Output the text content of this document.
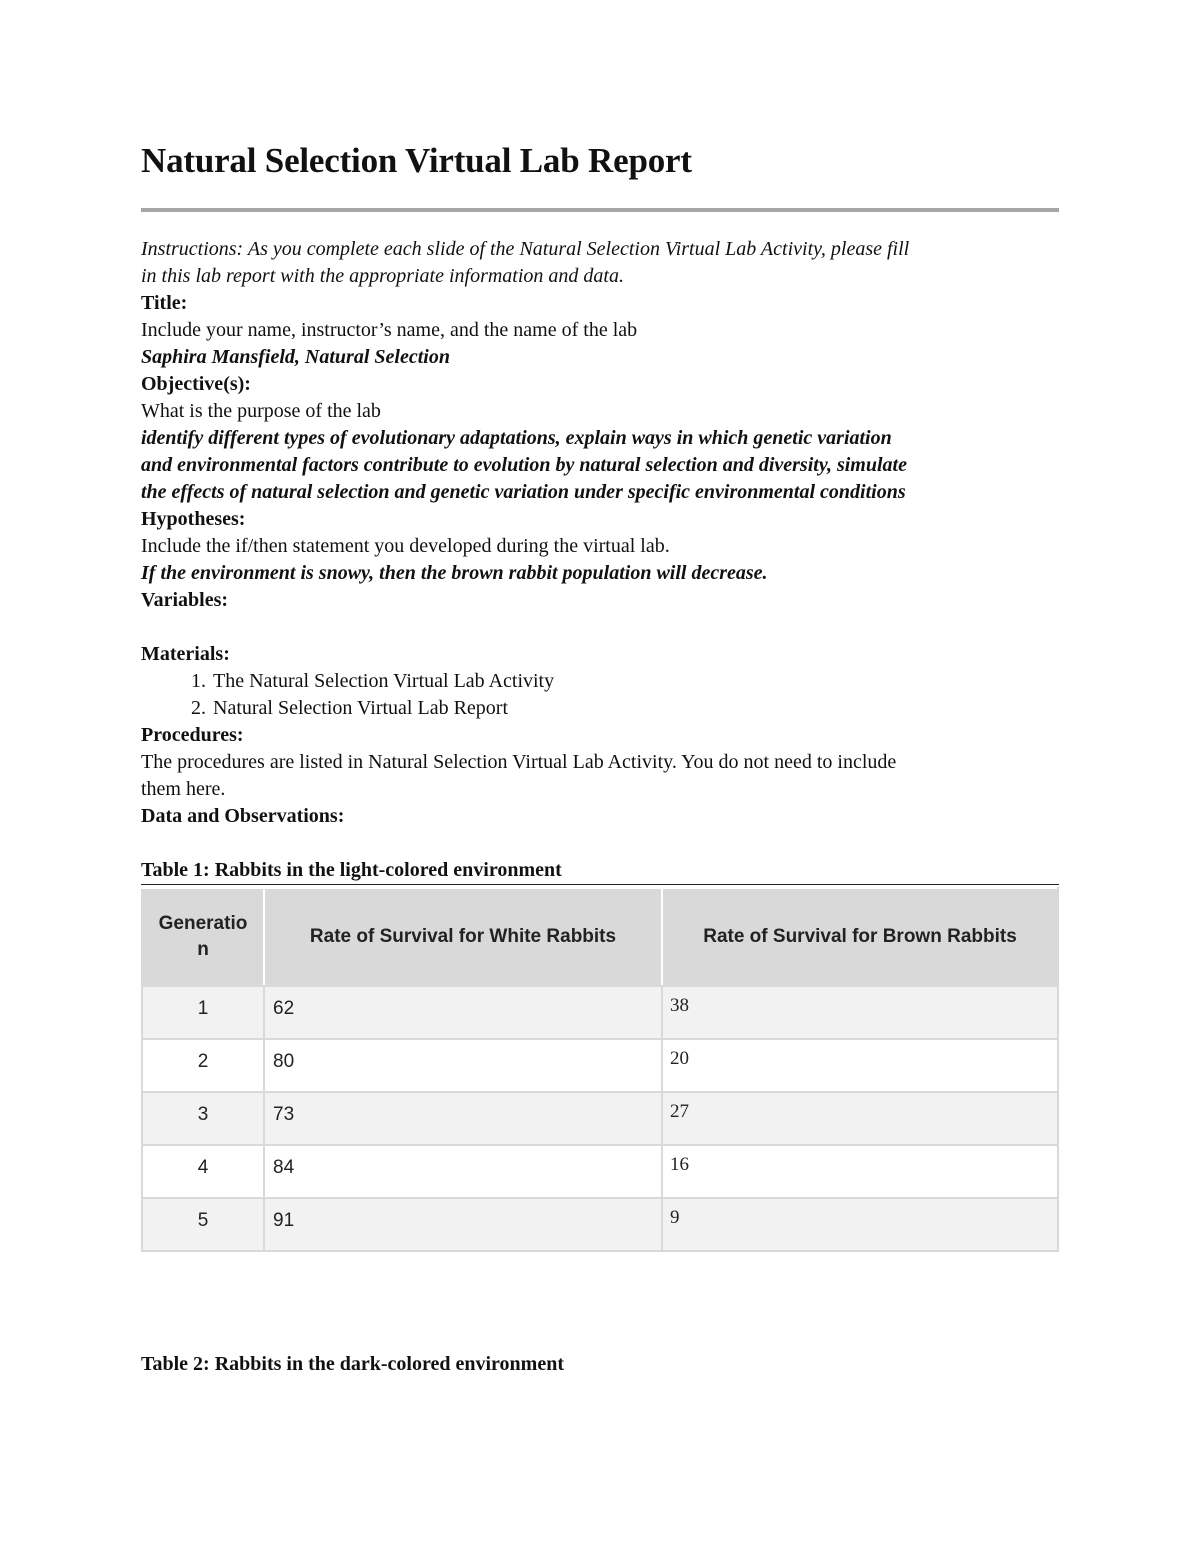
Natural Selection Virtual Lab Report
Instructions: As you complete each slide of the Natural Selection Virtual Lab Activity, please fill
in this lab report with the appropriate information and data.
Title:
Include your name, instructor’s name, and the name of the lab
Saphira Mansfield, Natural Selection
Objective(s):
What is the purpose of the lab
identify different types of evolutionary adaptations, explain ways in which genetic variation
and environmental factors contribute to evolution by natural selection and diversity, simulate
the effects of natural selection and genetic variation under specific environmental conditions
Hypotheses:
Include the if/then statement you developed during the virtual lab.
If the environment is snowy, then the brown rabbit population will decrease.
Variables:
Materials:
1. The Natural Selection Virtual Lab Activity
2. Natural Selection Virtual Lab Report
Procedures:
The procedures are listed in Natural Selection Virtual Lab Activity. You do not need to include
them here.
Data and Observations:
Table 1: Rabbits in the light-colored environment
Generatio
n	Rate of Survival for White Rabbits	Rate of Survival for Brown Rabbits
1	62	38
2	80	20
3	73	27
4	84	16
5	91	9
Table 2: Rabbits in the dark-colored environment
